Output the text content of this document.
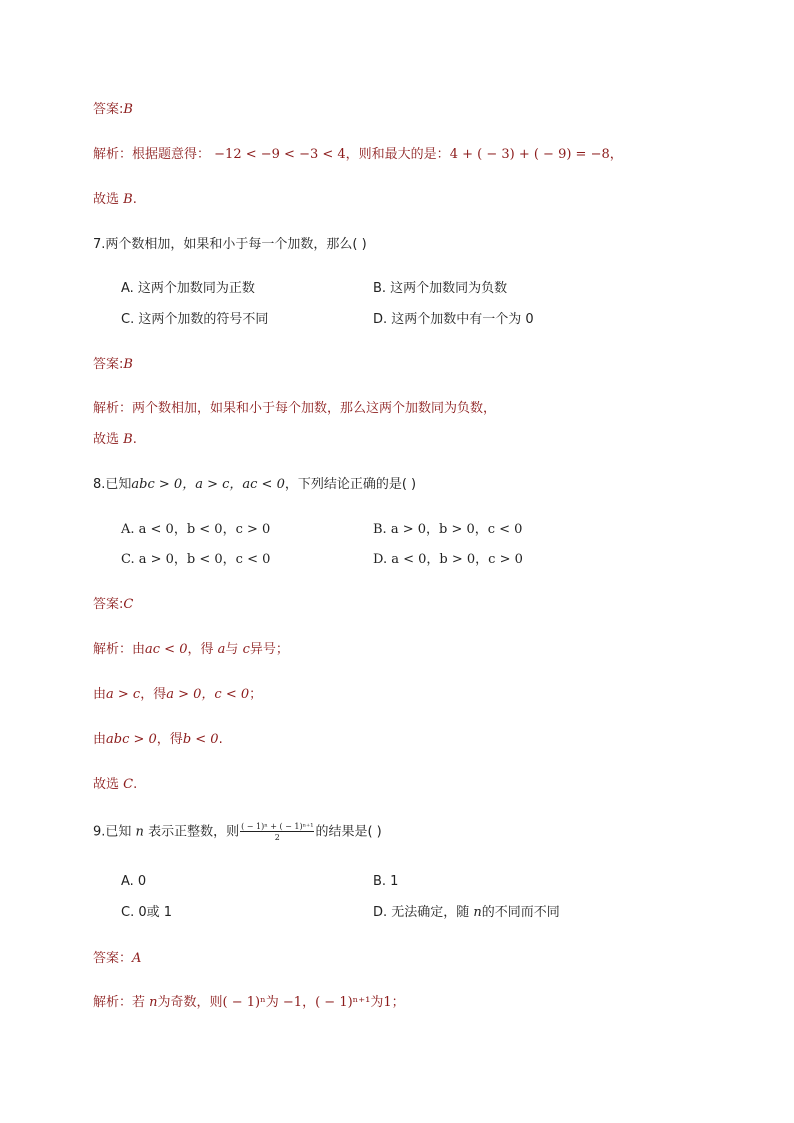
答案:B
解析：根据题意得： −12 < −9 < −3 < 4，则和最大的是：4 + ( − 3) + ( − 9) = −8，
故选 B.
7.两个数相加，如果和小于每一个加数，那么( )
A. 这两个加数同为正数	B. 这两个加数同为负数
C. 这两个加数的符号不同	D. 这两个加数中有一个为 0
答案:B
解析：两个数相加，如果和小于每个加数，那么这两个加数同为负数，
故选 B.
8.已知abc > 0，a > c，ac < 0，下列结论正确的是( )
A. a < 0，b < 0，c > 0	B. a > 0，b > 0，c < 0
C. a > 0，b < 0，c < 0	D. a < 0，b > 0，c > 0
答案:C
解析：由ac < 0，得 a与 c异号；
由a > c，得a > 0，c < 0；
由abc > 0，得b < 0.
故选 C.
9.已知 n 表示正整数，则 $\frac{\text{( − 1)ⁿ + ( − 1)ⁿ⁺¹}}{2}$ 的结果是( )
A. 0	B. 1
C. 0或 1	D. 无法确定，随 n的不同而不同
答案：A
解析：若 n为奇数，则( − 1)ⁿ为 −1，( − 1)ⁿ⁺¹为1；
